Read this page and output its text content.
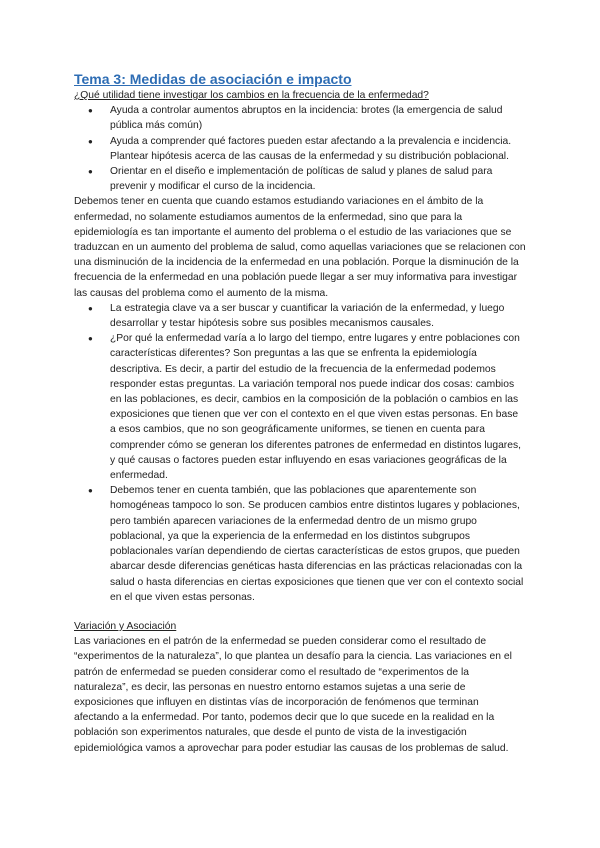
Tema 3: Medidas de asociación e impacto

¿Qué utilidad tiene investigar los cambios en la frecuencia de la enfermedad?

● Ayuda a controlar aumentos abruptos en la incidencia: brotes (la emergencia de salud pública más común)
● Ayuda a comprender qué factores pueden estar afectando a la prevalencia e incidencia. Plantear hipótesis acerca de las causas de la enfermedad y su distribución poblacional.
● Orientar en el diseño e implementación de políticas de salud y planes de salud para prevenir y modificar el curso de la incidencia.

Debemos tener en cuenta que cuando estamos estudiando variaciones en el ámbito de la enfermedad, no solamente estudiamos aumentos de la enfermedad, sino que para la epidemiología es tan importante el aumento del problema o el estudio de las variaciones que se traduzcan en un aumento del problema de salud, como aquellas variaciones que se relacionen con una disminución de la incidencia de la enfermedad en una población. Porque la disminución de la frecuencia de la enfermedad en una población puede llegar a ser muy informativa para investigar las causas del problema como el aumento de la misma.

● La estrategia clave va a ser buscar y cuantificar la variación de la enfermedad, y luego desarrollar y testar hipótesis sobre sus posibles mecanismos causales.
● ¿Por qué la enfermedad varía a lo largo del tiempo, entre lugares y entre poblaciones con características diferentes? Son preguntas a las que se enfrenta la epidemiología descriptiva. Es decir, a partir del estudio de la frecuencia de la enfermedad podemos responder estas preguntas. La variación temporal nos puede indicar dos cosas: cambios en las poblaciones, es decir, cambios en la composición de la población o cambios en las exposiciones que tienen que ver con el contexto en el que viven estas personas. En base a esos cambios, que no son geográficamente uniformes, se tienen en cuenta para comprender cómo se generan los diferentes patrones de enfermedad en distintos lugares, y qué causas o factores pueden estar influyendo en esas variaciones geográficas de la enfermedad.
● Debemos tener en cuenta también, que las poblaciones que aparentemente son homogéneas tampoco lo son. Se producen cambios entre distintos lugares y poblaciones, pero también aparecen variaciones de la enfermedad dentro de un mismo grupo poblacional, ya que la experiencia de la enfermedad en los distintos subgrupos poblacionales varían dependiendo de ciertas características de estos grupos, que pueden abarcar desde diferencias genéticas hasta diferencias en las prácticas relacionadas con la salud o hasta diferencias en ciertas exposiciones que tienen que ver con el contexto social en el que viven estas personas.

Variación y Asociación

Las variaciones en el patrón de la enfermedad se pueden considerar como el resultado de “experimentos de la naturaleza”, lo que plantea un desafío para la ciencia. Las variaciones en el patrón de enfermedad se pueden considerar como el resultado de “experimentos de la naturaleza”, es decir, las personas en nuestro entorno estamos sujetas a una serie de exposiciones que influyen en distintas vías de incorporación de fenómenos que terminan afectando a la enfermedad. Por tanto, podemos decir que lo que sucede en la realidad en la población son experimentos naturales, que desde el punto de vista de la investigación epidemiológica vamos a aprovechar para poder estudiar las causas de los problemas de salud.
